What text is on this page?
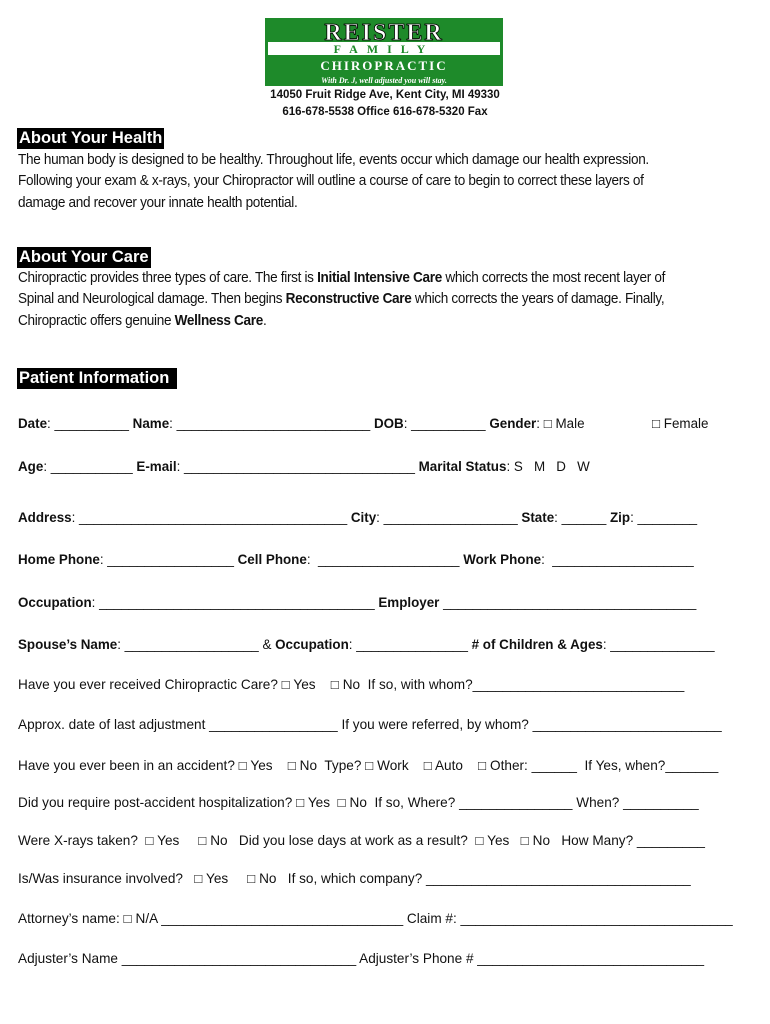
REISTER
FAMILY
CHIROPRACTIC
With Dr. J, well adjusted you will stay.
14050 Fruit Ridge Ave, Kent City, MI 49330
616-678-5538 Office 616-678-5320 Fax
About Your Health
The human body is designed to be healthy. Throughout life, events occur which damage our health expression.
Following your exam & x-rays, your Chiropractor will outline a course of care to begin to correct these layers of
damage and recover your innate health potential.
About Your Care
Chiropractic provides three types of care. The first is Initial Intensive Care which corrects the most recent layer of
Spinal and Neurological damage. Then begins Reconstructive Care which corrects the years of damage. Finally,
Chiropractic offers genuine Wellness Care.
Patient Information
Date: __________ Name: __________________________ DOB: __________ Gender: □ Male	□ Female
Age: ___________ E-mail: _______________________________ Marital Status: S   M   D   W
Address: ____________________________________ City: __________________ State: ______ Zip: ________
Home Phone: _________________ Cell Phone:  ___________________ Work Phone:  ___________________
Occupation: _____________________________________ Employer __________________________________
Spouse’s Name: __________________ & Occupation: _______________ # of Children & Ages: ______________
Have you ever received Chiropractic Care? □ Yes    □ No  If so, with whom?____________________________
Approx. date of last adjustment _________________ If you were referred, by whom? _________________________
Have you ever been in an accident? □ Yes    □ No  Type? □ Work    □ Auto    □ Other: ______  If Yes, when?_______
Did you require post-accident hospitalization? □ Yes  □ No  If so, Where? _______________ When? __________
Were X-rays taken?  □ Yes     □ No   Did you lose days at work as a result?  □ Yes   □ No   How Many? _________
Is/Was insurance involved?   □ Yes     □ No   If so, which company? ___________________________________
Attorney’s name: □ N/A ________________________________ Claim #: ____________________________________
Adjuster’s Name _______________________________ Adjuster’s Phone # ______________________________
